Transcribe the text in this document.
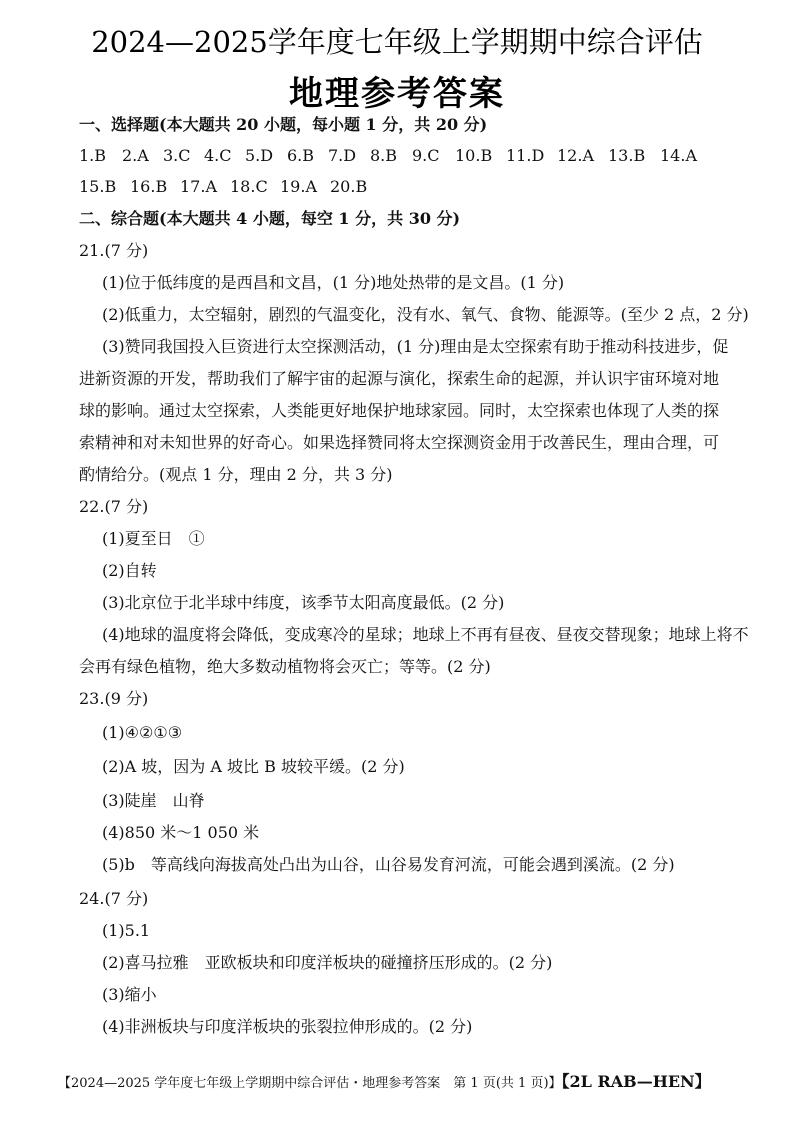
2024—2025学年度七年级上学期期中综合评估
地理参考答案
一、选择题(本大题共 20 小题，每小题 1 分，共 20 分)
1.B 2.A 3.C 4.C 5.D 6.B 7.D 8.B 9.C 10.B 11.D 12.A 13.B 14.A
15.B 16.B 17.A 18.C 19.A 20.B
二、综合题(本大题共 4 小题，每空 1 分，共 30 分)
21.(7 分)
(1)位于低纬度的是西昌和文昌，(1 分)地处热带的是文昌。(1 分)
(2)低重力，太空辐射，剧烈的气温变化，没有水、氧气、食物、能源等。(至少 2 点，2 分)
(3)赞同我国投入巨资进行太空探测活动，(1 分)理由是太空探索有助于推动科技进步，促
进新资源的开发，帮助我们了解宇宙的起源与演化，探索生命的起源，并认识宇宙环境对地
球的影响。通过太空探索，人类能更好地保护地球家园。同时，太空探索也体现了人类的探
索精神和对未知世界的好奇心。如果选择赞同将太空探测资金用于改善民生，理由合理，可
酌情给分。(观点 1 分，理由 2 分，共 3 分)
22.(7 分)
(1)夏至日　①
(2)自转
(3)北京位于北半球中纬度，该季节太阳高度最低。(2 分)
(4)地球的温度将会降低，变成寒冷的星球；地球上不再有昼夜、昼夜交替现象；地球上将不
会再有绿色植物，绝大多数动植物将会灭亡；等等。(2 分)
23.(9 分)
(1)④②①③
(2)A 坡，因为 A 坡比 B 坡较平缓。(2 分)
(3)陡崖　山脊
(4)850 米～1 050 米
(5)b　等高线向海拔高处凸出为山谷，山谷易发育河流，可能会遇到溪流。(2 分)
24.(7 分)
(1)5.1
(2)喜马拉雅　亚欧板块和印度洋板块的碰撞挤压形成的。(2 分)
(3)缩小
(4)非洲板块与印度洋板块的张裂拉伸形成的。(2 分)
【2024—2025 学年度七年级上学期期中综合评估・地理参考答案　第 1 页(共 1 页)】【2L RAB—HEN】
